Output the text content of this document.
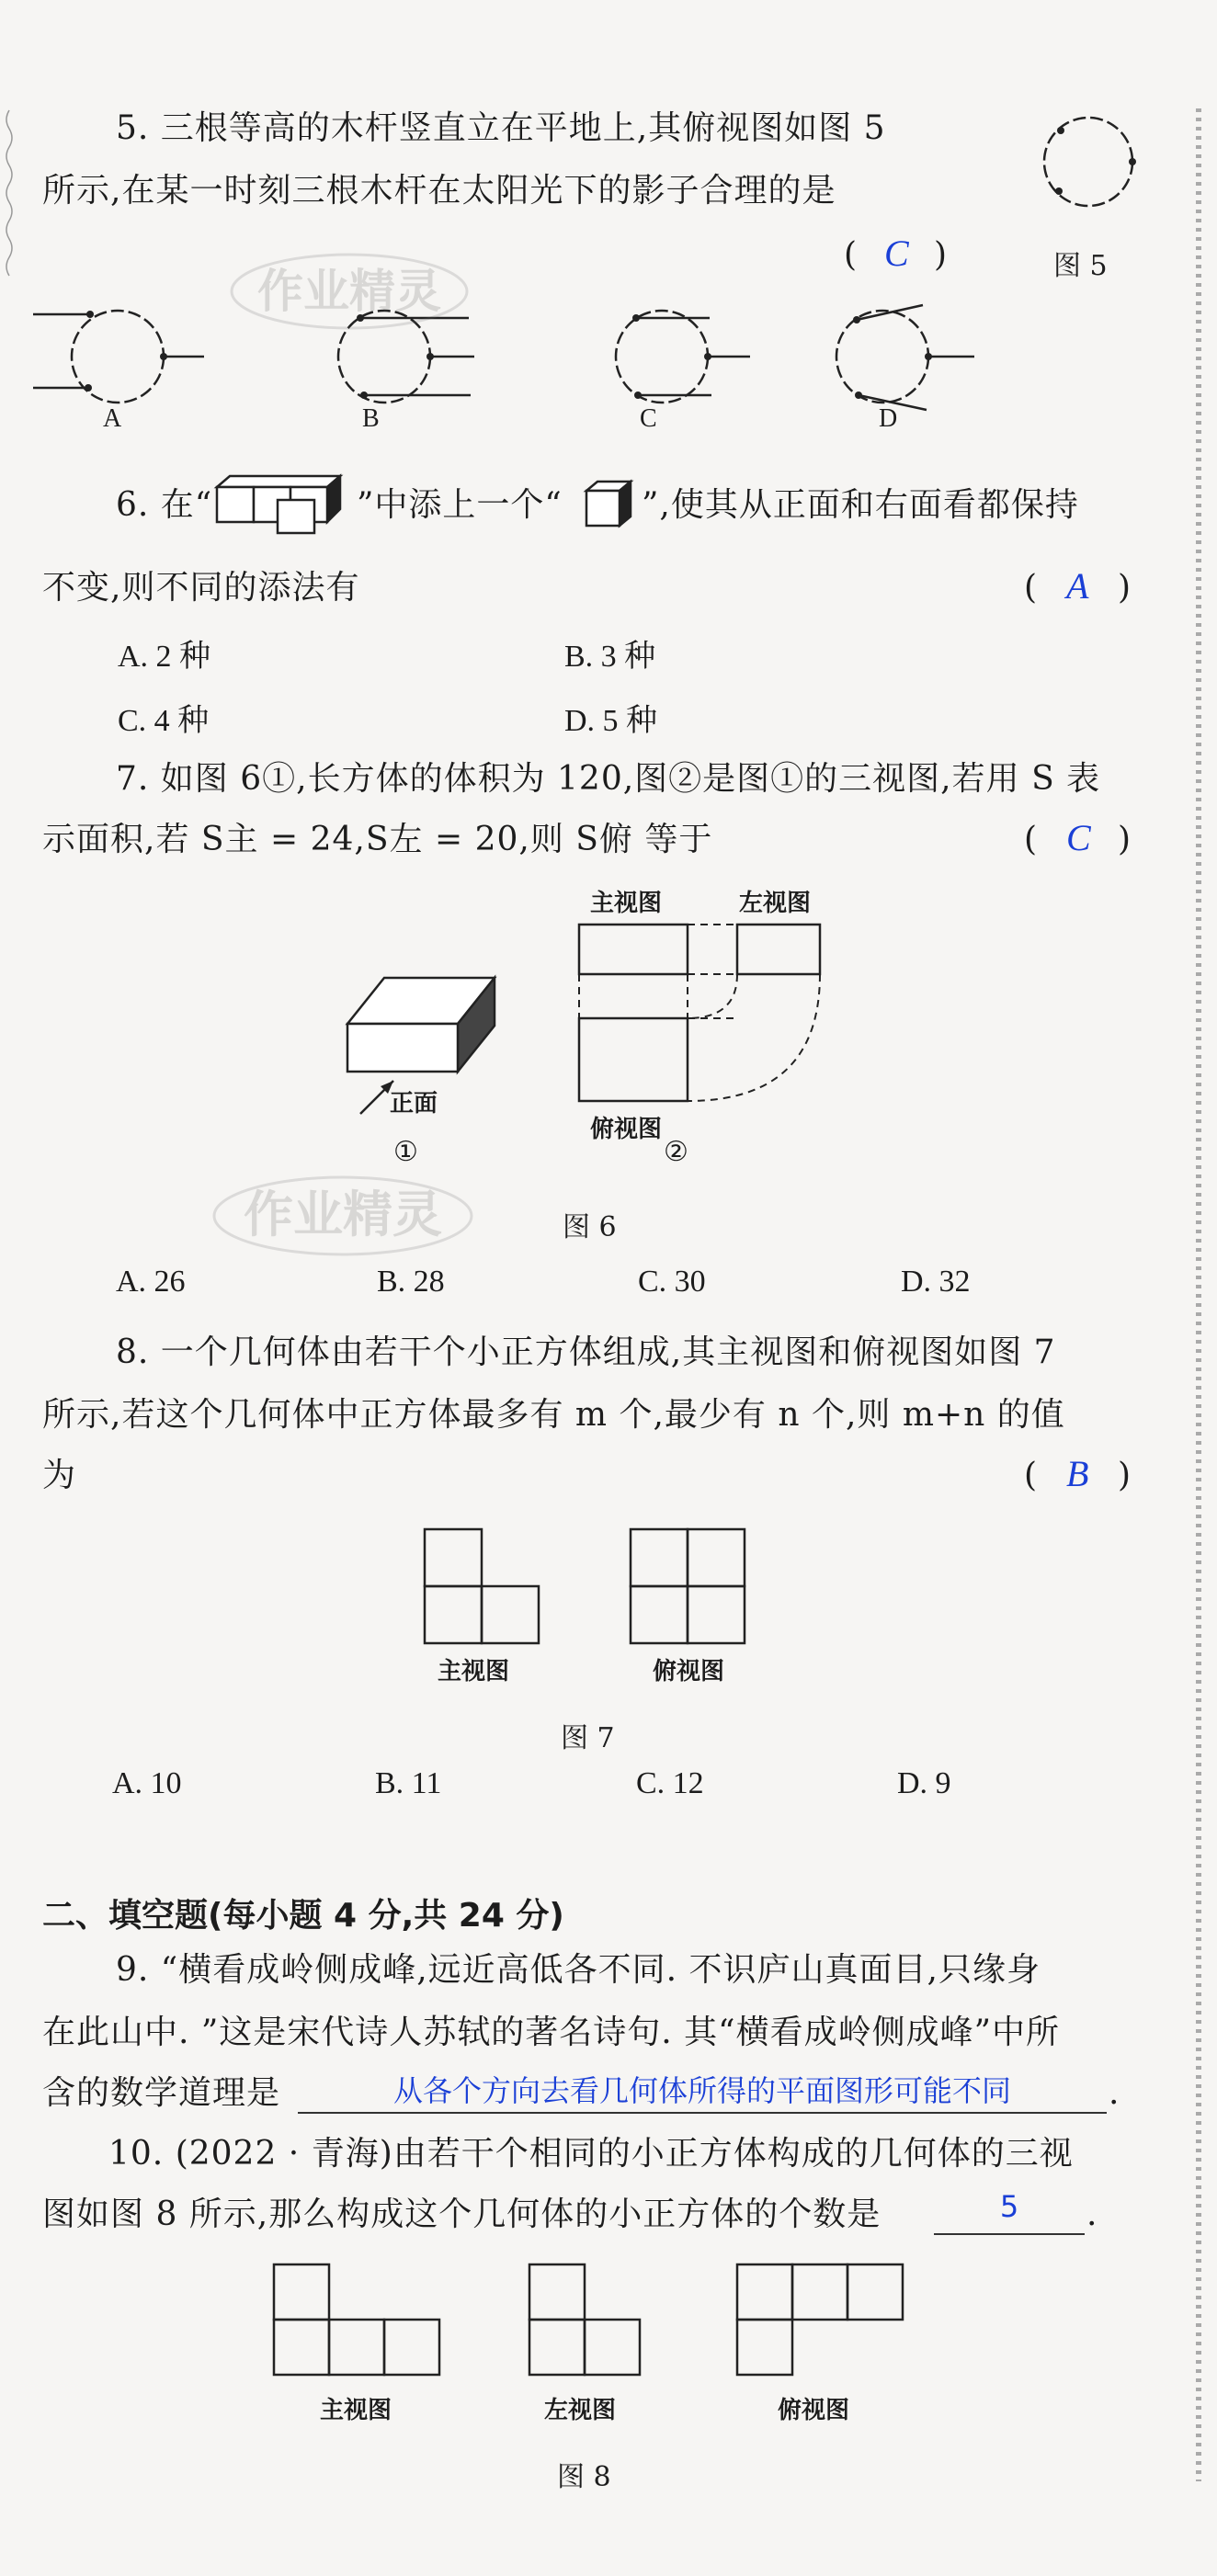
5. 三根等高的木杆竖直立在平地上,其俯视图如图 5
所示,在某一时刻三根木杆在太阳光下的影子合理的是
( C )	图 5
A	B	C	D
作业精灵
6. 在“	”中添上一个“ ”,使其从正面和右面看都保持
不变,则不同的添法有	( A )
A. 2 种	B. 3 种
C. 4 种	D. 5 种
7. 如图 6①,长方体的体积为 120,图②是图①的三视图,若用 S 表
示面积,若 S主 = 24,S左 = 20,则 S俯 等于	( C )
正面
①
主视图	左视图
俯视图
②
作业精灵	图 6
A. 26	B. 28	C. 30	D. 32
8. 一个几何体由若干个小正方体组成,其主视图和俯视图如图 7
所示,若这个几何体中正方体最多有 m 个,最少有 n 个,则 m+n 的值
为	( B )
主视图	俯视图
图 7
A. 10	B. 11	C. 12	D. 9
二、填空题(每小题 4 分,共 24 分)
9. “横看成岭侧成峰,远近高低各不同. 不识庐山真面目,只缘身
在此山中. ”这是宋代诗人苏轼的著名诗句. 其“横看成岭侧成峰”中所
含的数学道理是	从各个方向去看几何体所得的平面图形可能不同	.
10. (2022 · 青海)由若干个相同的小正方体构成的几何体的三视
图如图 8 所示,那么构成这个几何体的小正方体的个数是	5	.
主视图	左视图	俯视图
图 8
